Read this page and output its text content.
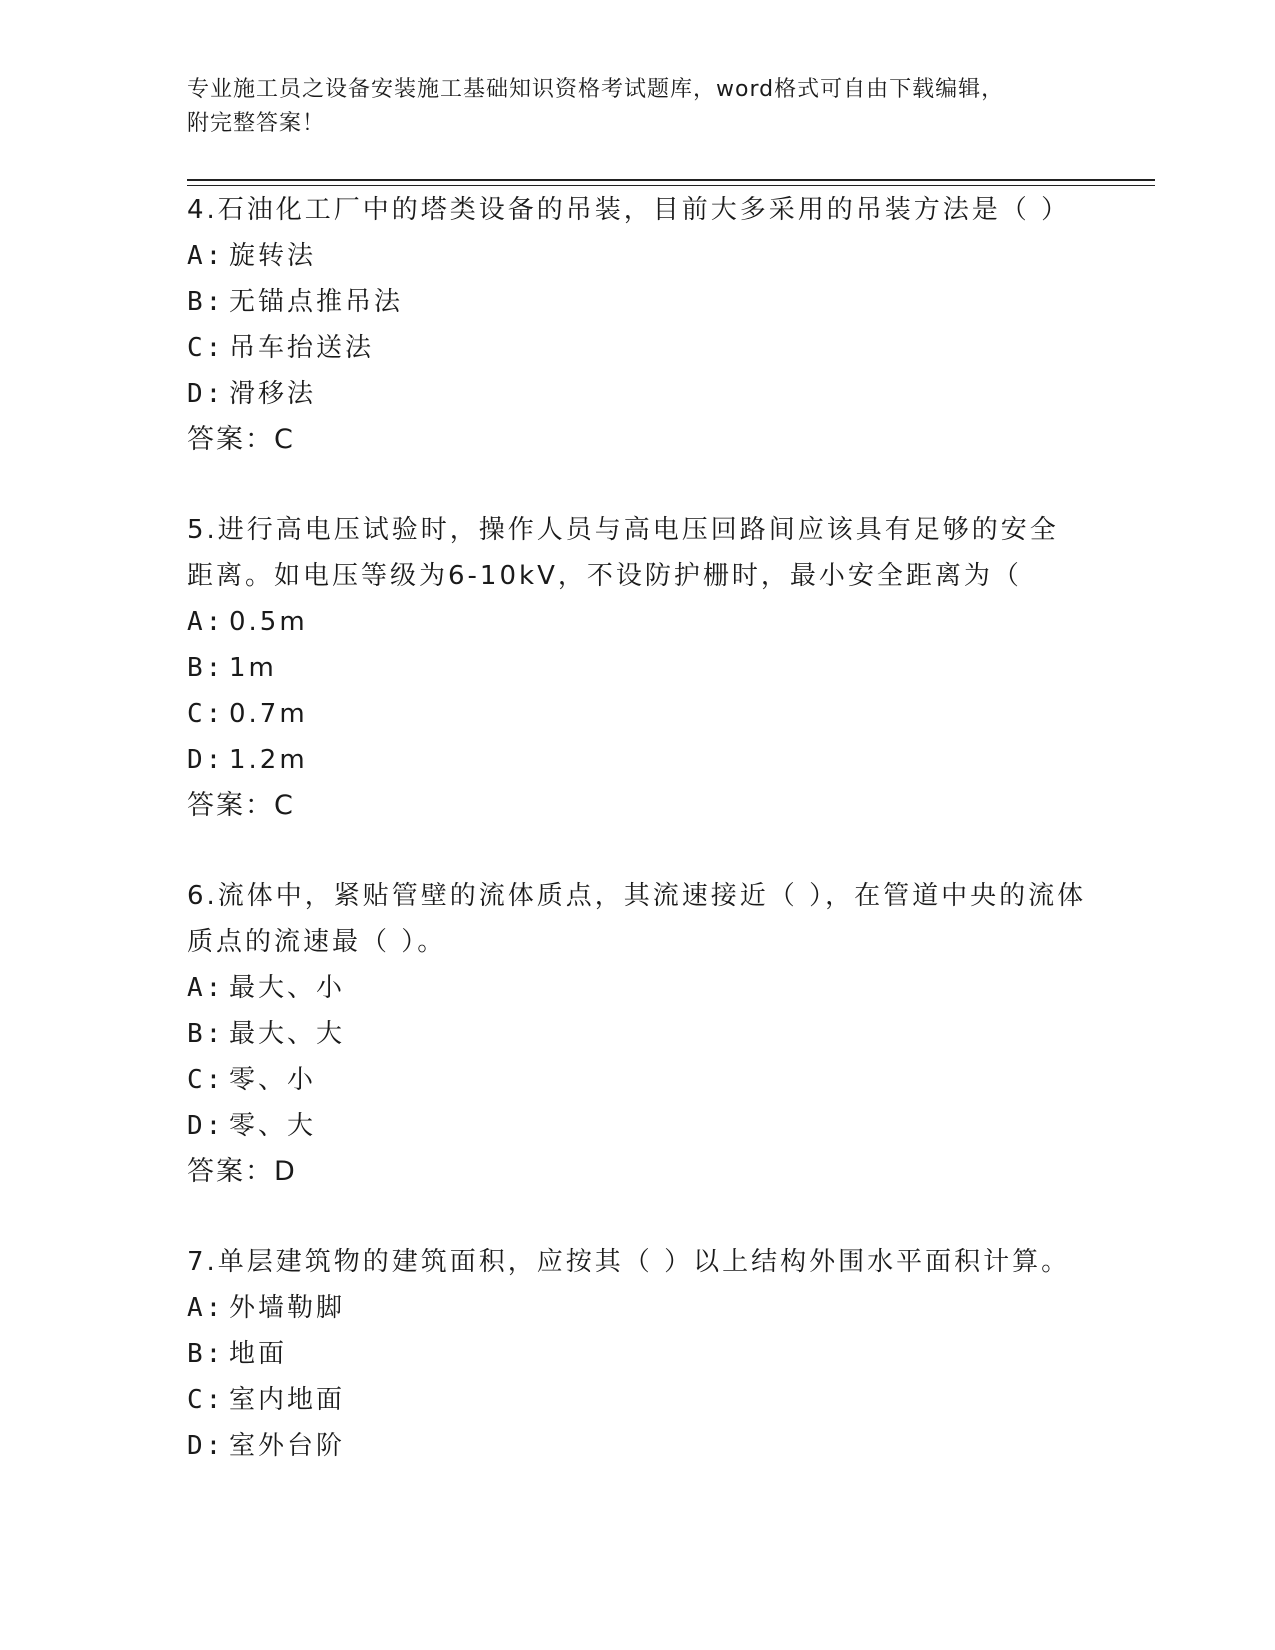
专业施工员之设备安装施工基础知识资格考试题库，word格式可自由下载编辑，
附完整答案！
4.石油化工厂中的塔类设备的吊装，目前大多采用的吊装方法是（ ）
A: 旋转法
B: 无锚点推吊法
C: 吊车抬送法
D: 滑移法
答案：C
5.进行高电压试验时，操作人员与高电压回路间应该具有足够的安全距离。如电压等级为6-10kV，不设防护栅时，最小安全距离为（
A: 0.5m
B: 1m
C: 0.7m
D: 1.2m
答案：C
6.流体中，紧贴管壁的流体质点，其流速接近（ ），在管道中央的流体质点的流速最（ ）。
A: 最大、小
B: 最大、大
C: 零、小
D: 零、大
答案：D
7.单层建筑物的建筑面积，应按其（ ）以上结构外围水平面积计算。
A: 外墙勒脚
B: 地面
C: 室内地面
D: 室外台阶
